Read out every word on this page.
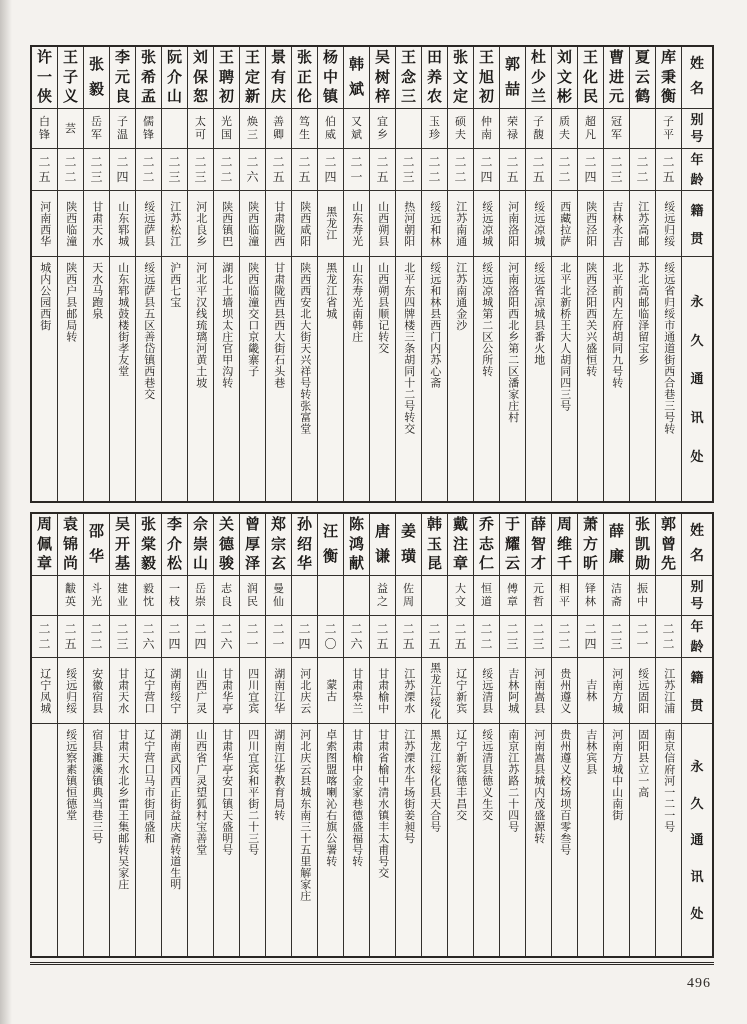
姓
名
别
号
年
龄
籍
贯
永
久
通
讯
处
库
秉
衡
子
平
二
五
绥远归绥
绥远省归绥市通道街西合巷三号转
夏
云
鹤
二
二
江苏高邮
苏北高邮临泽留宝乡
曹
进
元
冠
军
二
三
吉林永吉
北平前内左府胡同九号转
王
化
民
超
凡
二
四
陕西泾阳
陕西泾阳西关兴盛恒转
刘
文
彬
质
夫
二
二
西藏拉萨
北平北新桥王大人胡同四三号
杜
少
兰
子
馥
二
五
绥远凉城
绥远省凉城县番火地
郭
喆
荣
禄
二
五
河南洛阳
河南洛阳西北乡第二区潘家庄村
王
旭
初
仲
南
二
四
绥远凉城
绥远凉城第二区公所转
张
文
定
硕
夫
二
二
江苏南通
江苏南通金沙
田
养
农
玉
珍
二
二
绥远和林
绥远和林县西门内苏心斋
王
念
三
二
三
热河朝阳
北平东四牌楼三条胡同十二号转交
吴
树
梓
宜
乡
二
五
山西朔县
山西朔县顺记转交
韩
斌
又
斌
二
一
山东寿光
山东寿光南韩庄
杨
中
镇
伯
威
二
四
黑龙江
黑龙江省城
张
正
伦
笃
生
二
五
陕西咸阳
陕西西安北大街天兴祥号转张富堂
景
有
庆
善
卿
二
五
甘肃陇西
甘肃陇西县西大街石头巷
王
定
新
焕
三
二
六
陕西临潼
陕西临潼交口京畿寨子
王
聘
初
光
国
二
二
陕西镇巴
湖北土墙坝太庄官甲沟转
刘
保
恕
太
可
二
三
河北良乡
河北平汉线琉璃河黄土坡
阮
介
山
二
三
江苏松江
沪西七宝
张
希
孟
儒
锋
二
二
绥远萨县
绥远萨县五区善岱镇西巷交
李
元
良
子
温
二
四
山东郓城
山东郓城鼓楼街孝友堂
张
毅
岳
军
二
三
甘肃天水
天水马跑泉
王
子
义
芸
二
二
陕西临潼
陕西户县邮局转
许
一
侠
白
锋
二
五
河南西华
城内公园西街
姓
名
别
号
年
龄
籍
贯
永
久
通
讯
处
郭
曾
先
二
二
江苏江浦
南京信府河一二一号
张
凯
勋
振
中
二
一
绥远固阳
固阳县立一高
薛
廉
洁
斋
二
三
河南方城
河南方城中山南街
萧
方
昕
铎
林
二
四
吉林
吉林宾县
周
维
千
相
平
二
二
贵州遵义
贵州遵义校场坝百零叁号
薛
智
才
元
哲
二
三
河南嵩县
河南嵩县城内茂盛源转
于
耀
云
傅
章
二
三
吉林阿城
南京江苏路二十四号
乔
志
仁
恒
道
二
二
绥远清县
绥远清县德义生交
戴
注
章
大
文
二
五
辽宁新宾
辽宁新宾德丰昌交
韩
玉
昆
二
五
黑龙江绥化
黑龙江绥化县天合号
姜
璜
佐
周
二
五
江苏溧水
江苏溧水牛场街姜昶号
唐
谦
益
之
二
五
甘肃榆中
甘肃省榆中清水镇丰太甫号交
陈
鸿
献
二
六
甘肃皋兰
甘肃榆中金家巷德盛福号转
汪
衡
二
〇
蒙古
卓索图盟喀喇沁右旗公署转
孙
绍
华
二
四
河北庆云
河北庆云县城东南三十五里解家庄
郑
宗
玄
曼
仙
二
一
湖南江华
湖南江华教育局转
曾
厚
泽
润
民
二
一
四川宜宾
四川宜宾和平街二十三号
关
德
骏
志
良
二
六
甘肃华亭
甘肃华亭安口镇天盛明号
佘
崇
山
岳
崇
二
四
山西广灵
山西省广灵望狐村宝善堂
李
介
松
一
枝
二
四
湖南绥宁
湖南武冈西正街益庆斋转道生明
张
棠
毅
毅
忱
二
六
辽宁营口
辽宁营口马市街同盛和
吴
开
基
建
业
二
三
甘肃天水
甘肃天水北乡雷王集邮转吴家庄
邵
华
斗
光
二
二
安徽宿县
宿县濉溪镇典当巷三号
袁
锦
尚
黻
英
二
五
绥远归绥
绥远察素镇恒德堂
周
佩
章
二
二
辽宁凤城
496
